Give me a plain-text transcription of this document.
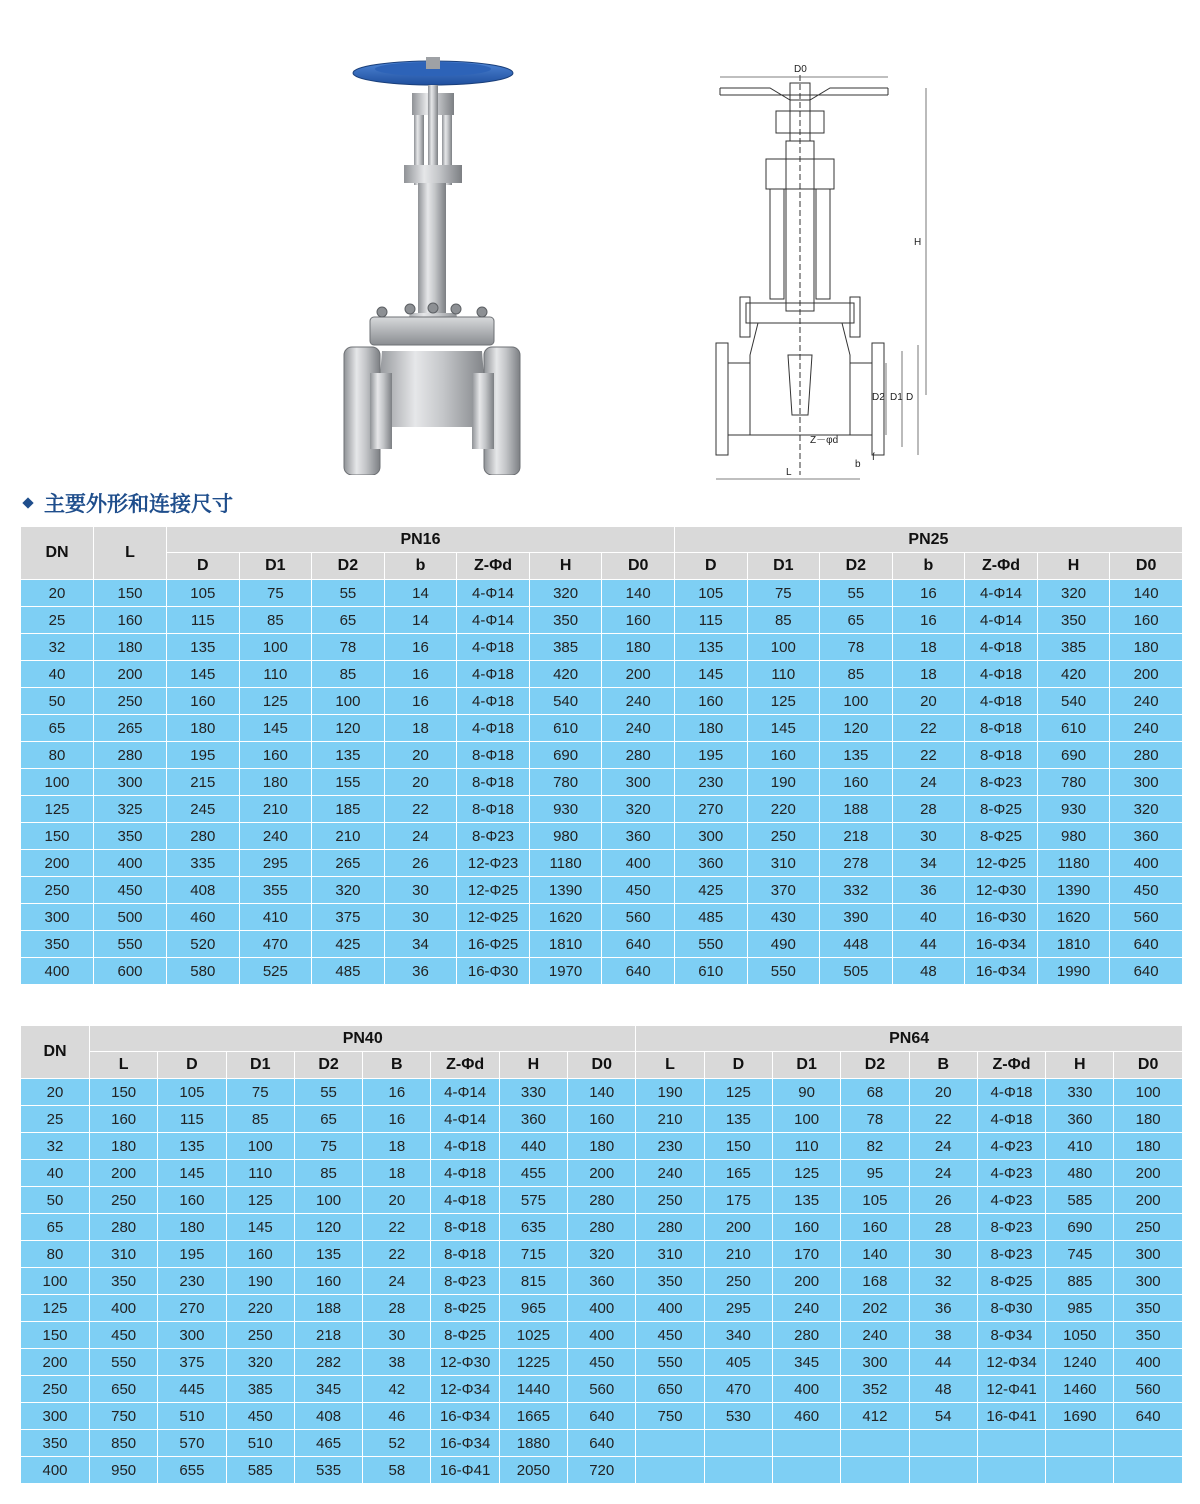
D0
H
D
D1
D2
Z－φd
b
f
L
主要外形和连接尺寸
DN	L	PN16							PN25						
		D	D1	D2	b	Z-Φd	H	D0	D	D1	D2	b	Z-Φd	H	D0
20	150	105	75	55	14	4-Φ14	320	140	105	75	55	16	4-Φ14	320	140
25	160	115	85	65	14	4-Φ14	350	160	115	85	65	16	4-Φ14	350	160
32	180	135	100	78	16	4-Φ18	385	180	135	100	78	18	4-Φ18	385	180
40	200	145	110	85	16	4-Φ18	420	200	145	110	85	18	4-Φ18	420	200
50	250	160	125	100	16	4-Φ18	540	240	160	125	100	20	4-Φ18	540	240
65	265	180	145	120	18	4-Φ18	610	240	180	145	120	22	8-Φ18	610	240
80	280	195	160	135	20	8-Φ18	690	280	195	160	135	22	8-Φ18	690	280
100	300	215	180	155	20	8-Φ18	780	300	230	190	160	24	8-Φ23	780	300
125	325	245	210	185	22	8-Φ18	930	320	270	220	188	28	8-Φ25	930	320
150	350	280	240	210	24	8-Φ23	980	360	300	250	218	30	8-Φ25	980	360
200	400	335	295	265	26	12-Φ23	1180	400	360	310	278	34	12-Φ25	1180	400
250	450	408	355	320	30	12-Φ25	1390	450	425	370	332	36	12-Φ30	1390	450
300	500	460	410	375	30	12-Φ25	1620	560	485	430	390	40	16-Φ30	1620	560
350	550	520	470	425	34	16-Φ25	1810	640	550	490	448	44	16-Φ34	1810	640
400	600	580	525	485	36	16-Φ30	1970	640	610	550	505	48	16-Φ34	1990	640
DN	PN40								PN64							
	L	D	D1	D2	B	Z-Φd	H	D0	L	D	D1	D2	B	Z-Φd	H	D0
20	150	105	75	55	16	4-Φ14	330	140	190	125	90	68	20	4-Φ18	330	100
25	160	115	85	65	16	4-Φ14	360	160	210	135	100	78	22	4-Φ18	360	180
32	180	135	100	75	18	4-Φ18	440	180	230	150	110	82	24	4-Φ23	410	180
40	200	145	110	85	18	4-Φ18	455	200	240	165	125	95	24	4-Φ23	480	200
50	250	160	125	100	20	4-Φ18	575	280	250	175	135	105	26	4-Φ23	585	200
65	280	180	145	120	22	8-Φ18	635	280	280	200	160	160	28	8-Φ23	690	250
80	310	195	160	135	22	8-Φ18	715	320	310	210	170	140	30	8-Φ23	745	300
100	350	230	190	160	24	8-Φ23	815	360	350	250	200	168	32	8-Φ25	885	300
125	400	270	220	188	28	8-Φ25	965	400	400	295	240	202	36	8-Φ30	985	350
150	450	300	250	218	30	8-Φ25	1025	400	450	340	280	240	38	8-Φ34	1050	350
200	550	375	320	282	38	12-Φ30	1225	450	550	405	345	300	44	12-Φ34	1240	400
250	650	445	385	345	42	12-Φ34	1440	560	650	470	400	352	48	12-Φ41	1460	560
300	750	510	450	408	46	16-Φ34	1665	640	750	530	460	412	54	16-Φ41	1690	640
350	850	570	510	465	52	16-Φ34	1880	640								
400	950	655	585	535	58	16-Φ41	2050	720								
